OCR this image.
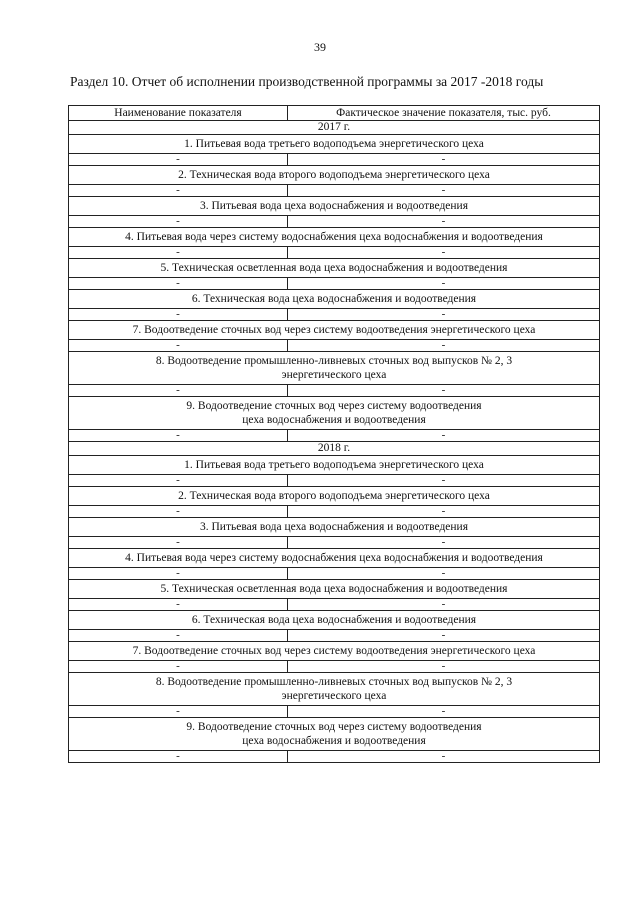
39
Раздел 10. Отчет об исполнении производственной программы за 2017 -2018 годы
Наименование показателя	Фактическое значение показателя, тыс. руб.
2017 г.	
1. Питьевая вода третьего водоподъема энергетического цеха	
-	-
2. Техническая вода второго водоподъема энергетического цеха	
-	-
3. Питьевая вода цеха водоснабжения и водоотведения	
-	-
4. Питьевая вода через систему водоснабжения цеха водоснабжения и водоотведения	
-	-
5. Техническая осветленная вода цеха водоснабжения и водоотведения	
-	-
6. Техническая вода цеха водоснабжения и водоотведения	
-	-
7. Водоотведение сточных вод через систему водоотведения энергетического цеха	
-	-

8. Водоотведение промышленно-ливневых сточных вод выпусков № 2, 3
энергетического цеха	

-	-

9. Водоотведение сточных вод через систему водоотведения
цеха водоснабжения и водоотведения	

-	-
2018 г.	
1. Питьевая вода третьего водоподъема энергетического цеха	
-	-
2. Техническая вода второго водоподъема энергетического цеха	
-	-
3. Питьевая вода цеха водоснабжения и водоотведения	
-	-
4. Питьевая вода через систему водоснабжения цеха водоснабжения и водоотведения	
-	-
5. Техническая осветленная вода цеха водоснабжения и водоотведения	
-	-
6. Техническая вода цеха водоснабжения и водоотведения	
-	-
7. Водоотведение сточных вод через систему водоотведения энергетического цеха	
-	-

8. Водоотведение промышленно-ливневых сточных вод выпусков № 2, 3
энергетического цеха	

-	-

9. Водоотведение сточных вод через систему водоотведения
цеха водоснабжения и водоотведения	

-	-
